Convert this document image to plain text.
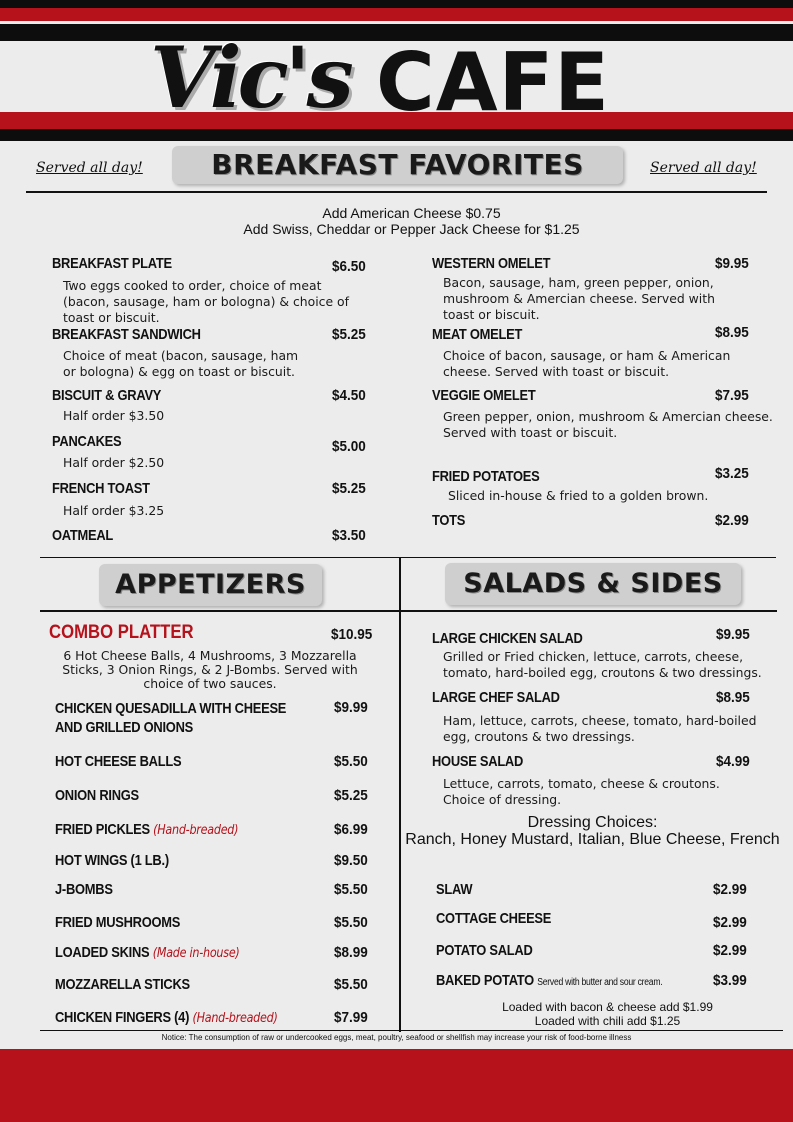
Vic's CAFE
Served all day!	BREAKFAST FAVORITES	Served all day!
Add American Cheese $0.75
Add Swiss, Cheddar or Pepper Jack Cheese for $1.25
BREAKFAST PLATE	$6.50
Two eggs cooked to order, choice of meat (bacon, sausage, ham or bologna) & choice of toast or biscuit.
BREAKFAST SANDWICH	$5.25
Choice of meat (bacon, sausage, ham or bologna) & egg on toast or biscuit.
BISCUIT & GRAVY	$4.50
Half order $3.50
PANCAKES	$5.00
Half order $2.50
FRENCH TOAST	$5.25
Half order $3.25
OATMEAL	$3.50
WESTERN OMELET	$9.95
Bacon, sausage, ham, green pepper, onion, mushroom & Amercian cheese. Served with toast or biscuit.
MEAT OMELET	$8.95
Choice of bacon, sausage, or ham & American cheese. Served with toast or biscuit.
VEGGIE OMELET	$7.95
Green pepper, onion, mushroom & Amercian cheese. Served with toast or biscuit.
FRIED POTATOES	$3.25
Sliced in-house & fried to a golden brown.
TOTS	$2.99
APPETIZERS
COMBO PLATTER	$10.95
6 Hot Cheese Balls, 4 Mushrooms, 3 Mozzarella Sticks, 3 Onion Rings, & 2 J-Bombs. Served with choice of two sauces.
CHICKEN QUESADILLA WITH CHEESE
AND GRILLED ONIONS
$9.99
HOT CHEESE BALLS	$5.50
ONION RINGS	$5.25
FRIED PICKLES (Hand-breaded)	$6.99
HOT WINGS (1 LB.)	$9.50
J-BOMBS	$5.50
FRIED MUSHROOMS	$5.50
LOADED SKINS (Made in-house)	$8.99
MOZZARELLA STICKS	$5.50
CHICKEN FINGERS (4) (Hand-breaded)	$7.99
SALADS & SIDES
LARGE CHICKEN SALAD	$9.95
Grilled or Fried chicken, lettuce, carrots, cheese, tomato, hard-boiled egg, croutons & two dressings.
LARGE CHEF SALAD	$8.95
Ham, lettuce, carrots, cheese, tomato, hard-boiled egg, croutons & two dressings.
HOUSE SALAD	$4.99
Lettuce, carrots, tomato, cheese & croutons. Choice of dressing.
Dressing Choices:
Ranch, Honey Mustard, Italian, Blue Cheese, French
SLAW	$2.99
COTTAGE CHEESE	$2.99
POTATO SALAD	$2.99
BAKED POTATO Served with butter and sour cream.	$3.99
Loaded with bacon & cheese add $1.99
Loaded with chili add $1.25
Notice: The consumption of raw or undercooked eggs, meat, poultry, seafood or shellfish may increase your risk of food-borne illness
